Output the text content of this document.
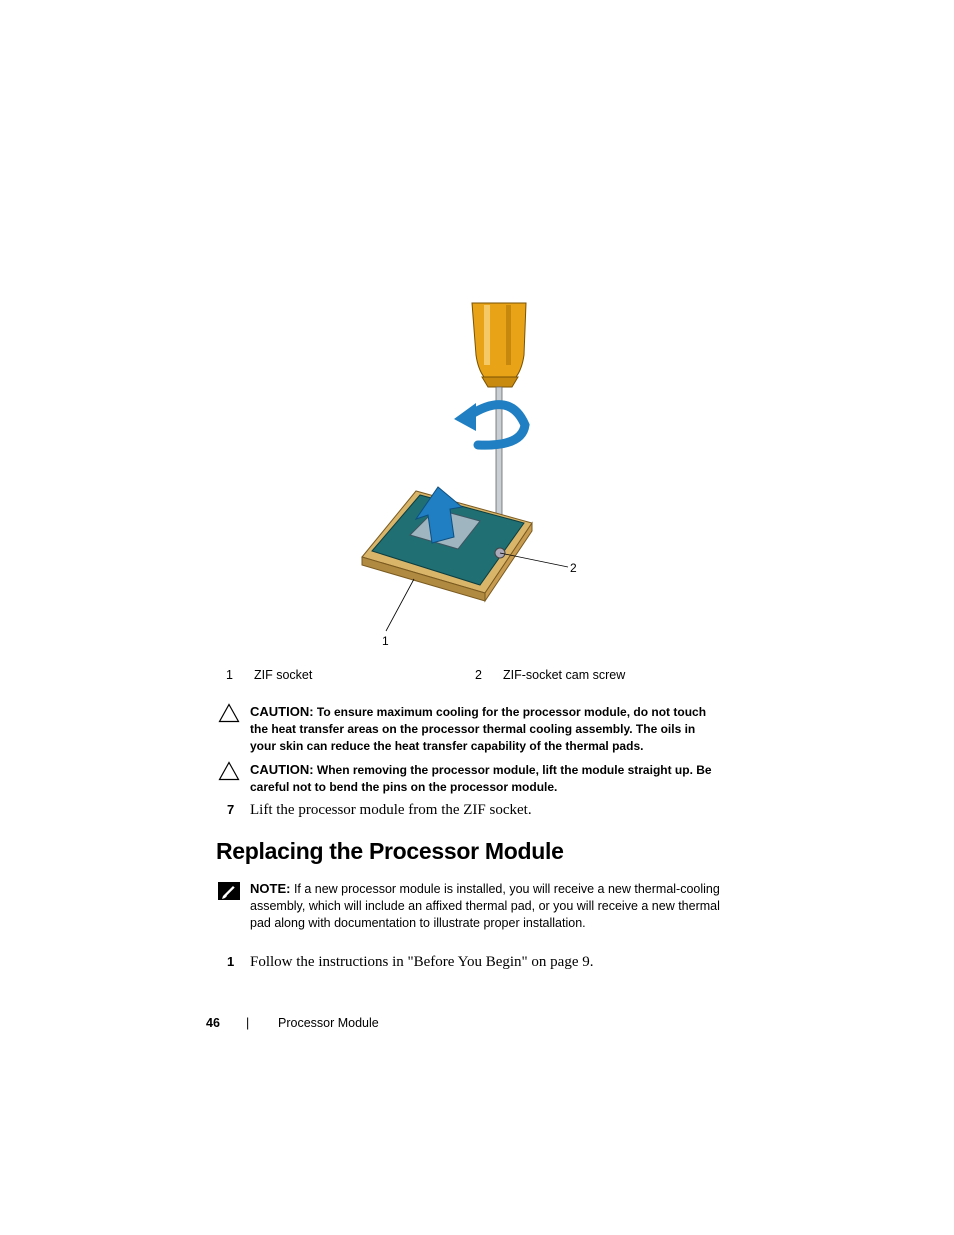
2
1
1 ZIF socket	2 ZIF-socket cam screw
CAUTION: To ensure maximum cooling for the processor module, do not touch the heat transfer areas on the processor thermal cooling assembly. The oils in your skin can reduce the heat transfer capability of the thermal pads.
CAUTION: When removing the processor module, lift the module straight up. Be careful not to bend the pins on the processor module.
7 Lift the processor module from the ZIF socket.
Replacing the Processor Module
NOTE: If a new processor module is installed, you will receive a new thermal-cooling assembly, which will include an affixed thermal pad, or you will receive a new thermal pad along with documentation to illustrate proper installation.
1 Follow the instructions in "Before You Begin" on page 9.
46 | Processor Module
